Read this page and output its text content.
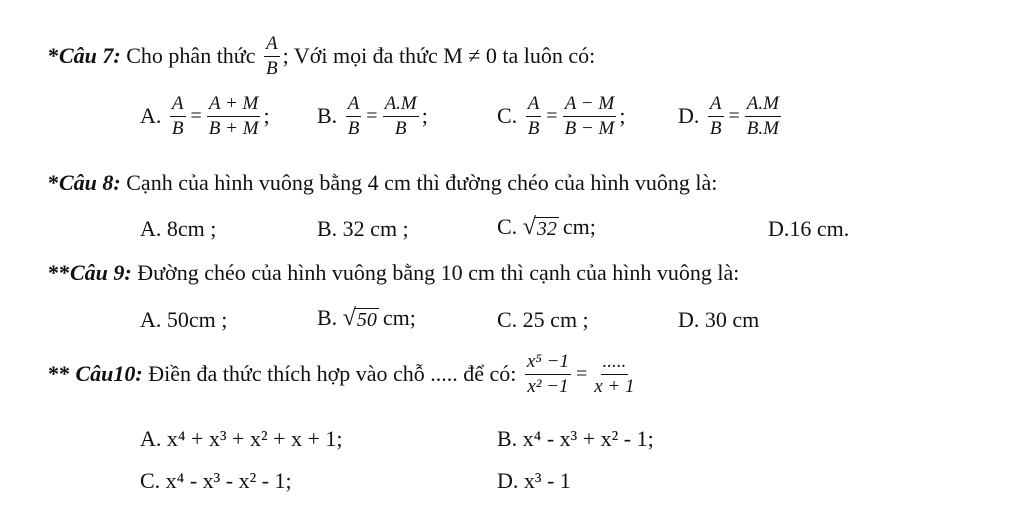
* Câu 7:
Cho phân thức
$\frac{A}{B}$ ; Với mọi đa thức M ≠ 0 ta luôn có:
A.
$\frac{A}{B} = \frac{A + M}{B + M}$ ; B.
$\frac{A}{B} = \frac{A.M}{B}$ ;	C.
$\frac{A}{B} = \frac{A - M}{B - M}$ ; D.
$\frac{A}{B} = \frac{A.M}{B.M}$
*Câu 8: Cạnh của hình vuông bằng 4 cm thì đường chéo của hình vuông là:
A. 8cm ;	B. 32 cm ;	C.
√ 32 cm;	D.16 cm.
**Câu 9: Đường chéo của hình vuông bằng 10 cm thì cạnh của hình vuông là:
A. 50cm ;	B.
√ 50 cm;	C. 25 cm ;	D. 30 cm
**
Câu10:
Điền đa thức thích hợp vào chỗ ..... để có:
$\frac{\text{x⁵ −1}}{\text{x² −1}} = \frac{.....}{x + 1}$
A. x⁴ + x³ + x² + x + 1;	B. x⁴ - x³ + x² - 1;
C. x⁴ - x³ - x² - 1;	D. x³ - 1
